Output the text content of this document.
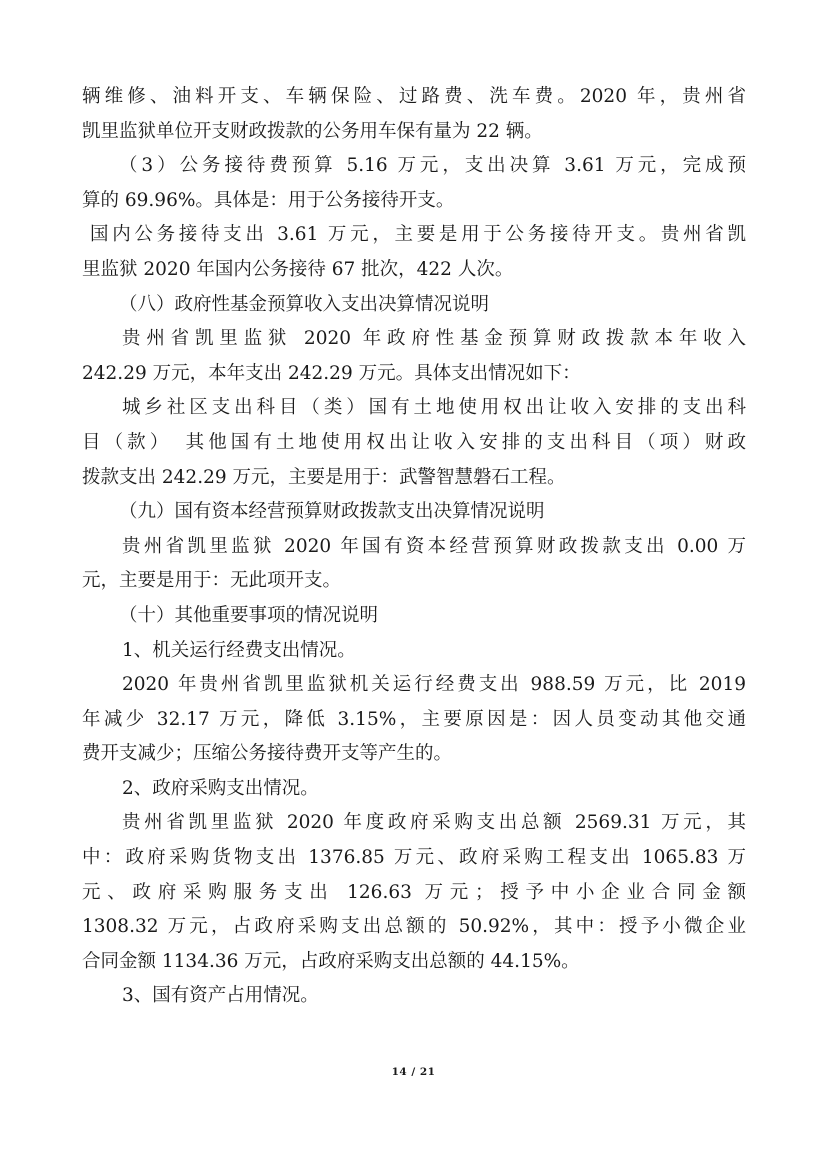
辆维修、油料开支、车辆保险、过路费、洗车费。2020 年，贵州省
凯里监狱单位开支财政拨款的公务用车保有量为 22 辆。
（3）公务接待费预算 5.16 万元，支出决算 3.61 万元，完成预
算的 69.96%。具体是：用于公务接待开支。
国内公务接待支出 3.61 万元，主要是用于公务接待开支。贵州省凯
里监狱 2020 年国内公务接待 67 批次，422 人次。
（八）政府性基金预算收入支出决算情况说明
贵州省凯里监狱 2020 年政府性基金预算财政拨款本年收入
242.29 万元，本年支出 242.29 万元。具体支出情况如下：
城乡社区支出科目（类）国有土地使用权出让收入安排的支出科
目（款）　其他国有土地使用权出让收入安排的支出科目（项）财政
拨款支出 242.29 万元，主要是用于：武警智慧磐石工程。
（九）国有资本经营预算财政拨款支出决算情况说明
贵州省凯里监狱 2020 年国有资本经营预算财政拨款支出 0.00 万
元，主要是用于：无此项开支。
（十）其他重要事项的情况说明
1、机关运行经费支出情况。
2020 年贵州省凯里监狱机关运行经费支出 988.59 万元，比 2019
年减少 32.17 万元，降低 3.15%，主要原因是：因人员变动其他交通
费开支减少；压缩公务接待费开支等产生的。
2、政府采购支出情况。
贵州省凯里监狱 2020 年度政府采购支出总额 2569.31 万元，其
中：政府采购货物支出 1376.85 万元、政府采购工程支出 1065.83 万
元、政府采购服务支出 126.63 万元；授予中小企业合同金额
1308.32 万元，占政府采购支出总额的 50.92%，其中：授予小微企业
合同金额 1134.36 万元，占政府采购支出总额的 44.15%。
3、国有资产占用情况。
14 / 21
